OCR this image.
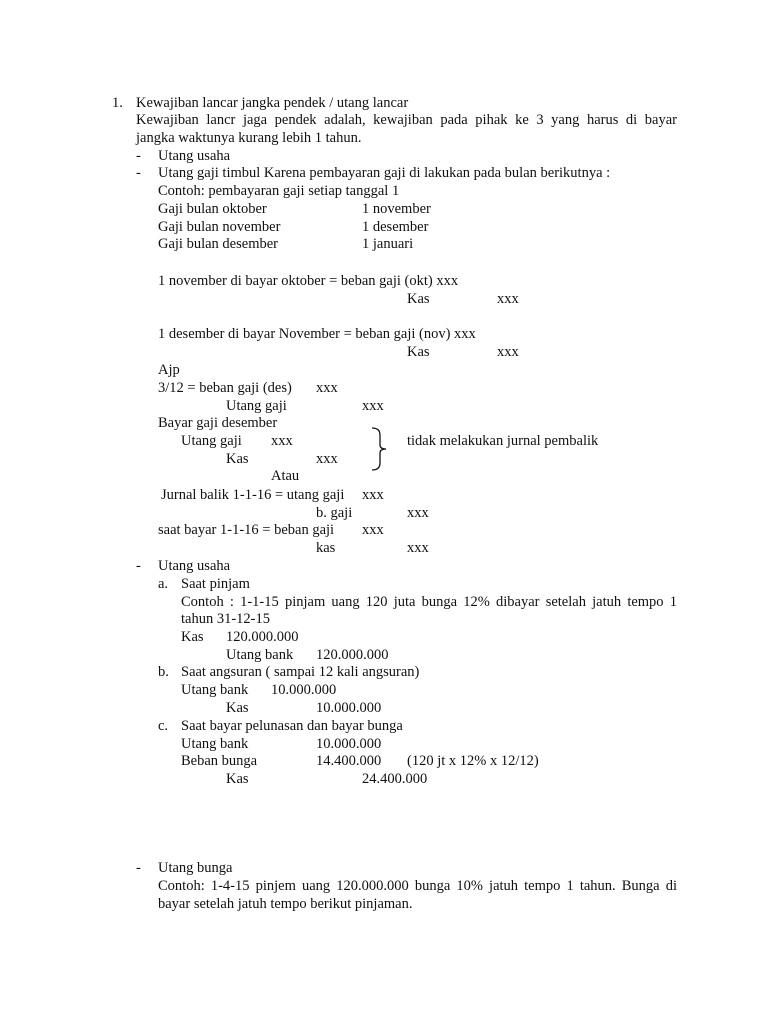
1. Kewajiban lancar jangka pendek / utang lancar
Kewajiban lancr jaga pendek adalah, kewajiban pada pihak ke 3 yang harus di bayar
jangka waktunya kurang lebih 1 tahun.
- Utang usaha
- Utang gaji timbul Karena pembayaran gaji di lakukan pada bulan berikutnya :
Contoh: pembayaran gaji setiap tanggal 1
Gaji bulan oktober	1 november
Gaji bulan november	1 desember
Gaji bulan desember	1 januari
1 november di bayar oktober = beban gaji (okt) xxx
Kas	xxx
1 desember di bayar November = beban gaji (nov) xxx
Kas	xxx
Ajp
3/12 = beban gaji (des) xxx
Utang gaji	xxx
Bayar gaji desember
Utang gaji xxx
Kas	xxx
tidak melakukan jurnal pembalik
Atau
Jurnal balik 1-1-16 = utang gaji xxx
b. gaji	xxx
saat bayar 1-1-16 = beban gaji xxx
kas	xxx
- Utang usaha
a. Saat pinjam
Contoh : 1-1-15 pinjam uang 120 juta bunga 12% dibayar setelah jatuh tempo 1
tahun 31-12-15
Kas 120.000.000
Utang bank 120.000.000
b. Saat angsuran ( sampai 12 kali angsuran)
Utang bank 10.000.000
Kas	10.000.000
c. Saat bayar pelunasan dan bayar bunga
Utang bank	10.000.000
Beban bunga	14.400.000 (120 jt x 12% x 12/12)
Kas	24.400.000
- Utang bunga
Contoh: 1-4-15 pinjem uang 120.000.000 bunga 10% jatuh tempo 1 tahun. Bunga di
bayar setelah jatuh tempo berikut pinjaman.
